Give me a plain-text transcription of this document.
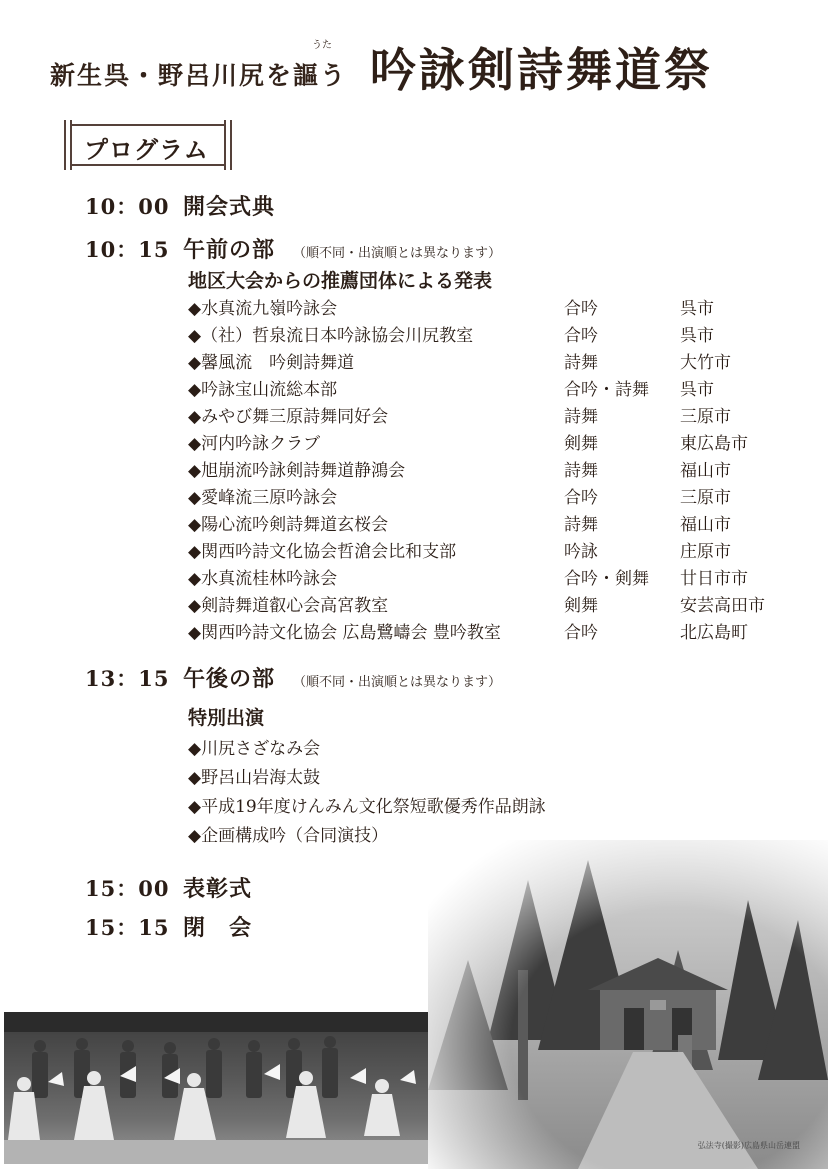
うた
新生呉・野呂川尻を謳う 吟詠剣詩舞道祭
プログラム
10：00 開会式典
10：15 午前の部 （順不同・出演順とは異なります）
地区大会からの推薦団体による発表
◆水真流九嶺吟詠会	合吟	呉市
◆（社）哲泉流日本吟詠協会川尻教室	合吟	呉市
◆馨風流　吟剣詩舞道	詩舞	大竹市
◆吟詠宝山流総本部	合吟・詩舞 呉市
◆みやび舞三原詩舞同好会	詩舞	三原市
◆河内吟詠クラブ	剣舞	東広島市
◆旭崩流吟詠剣詩舞道静鴻会	詩舞	福山市
◆愛峰流三原吟詠会	合吟	三原市
◆陽心流吟剣詩舞道玄桜会	詩舞	福山市
◆関西吟詩文化協会哲滄会比和支部	吟詠	庄原市
◆水真流桂林吟詠会	合吟・剣舞 廿日市市
◆剣詩舞道叡心会高宮教室	剣舞	安芸高田市
◆関西吟詩文化協会 広島鷺嶹会 豊吟教室	合吟	北広島町
13：15 午後の部 （順不同・出演順とは異なります）
特別出演
◆川尻さざなみ会
◆野呂山岩海太鼓
◆平成19年度けんみん文化祭短歌優秀作品朗詠
◆企画構成吟（合同演技）
15：00 表彰式
15：15 閉　会
弘法寺(撮影)広島県山岳連盟
